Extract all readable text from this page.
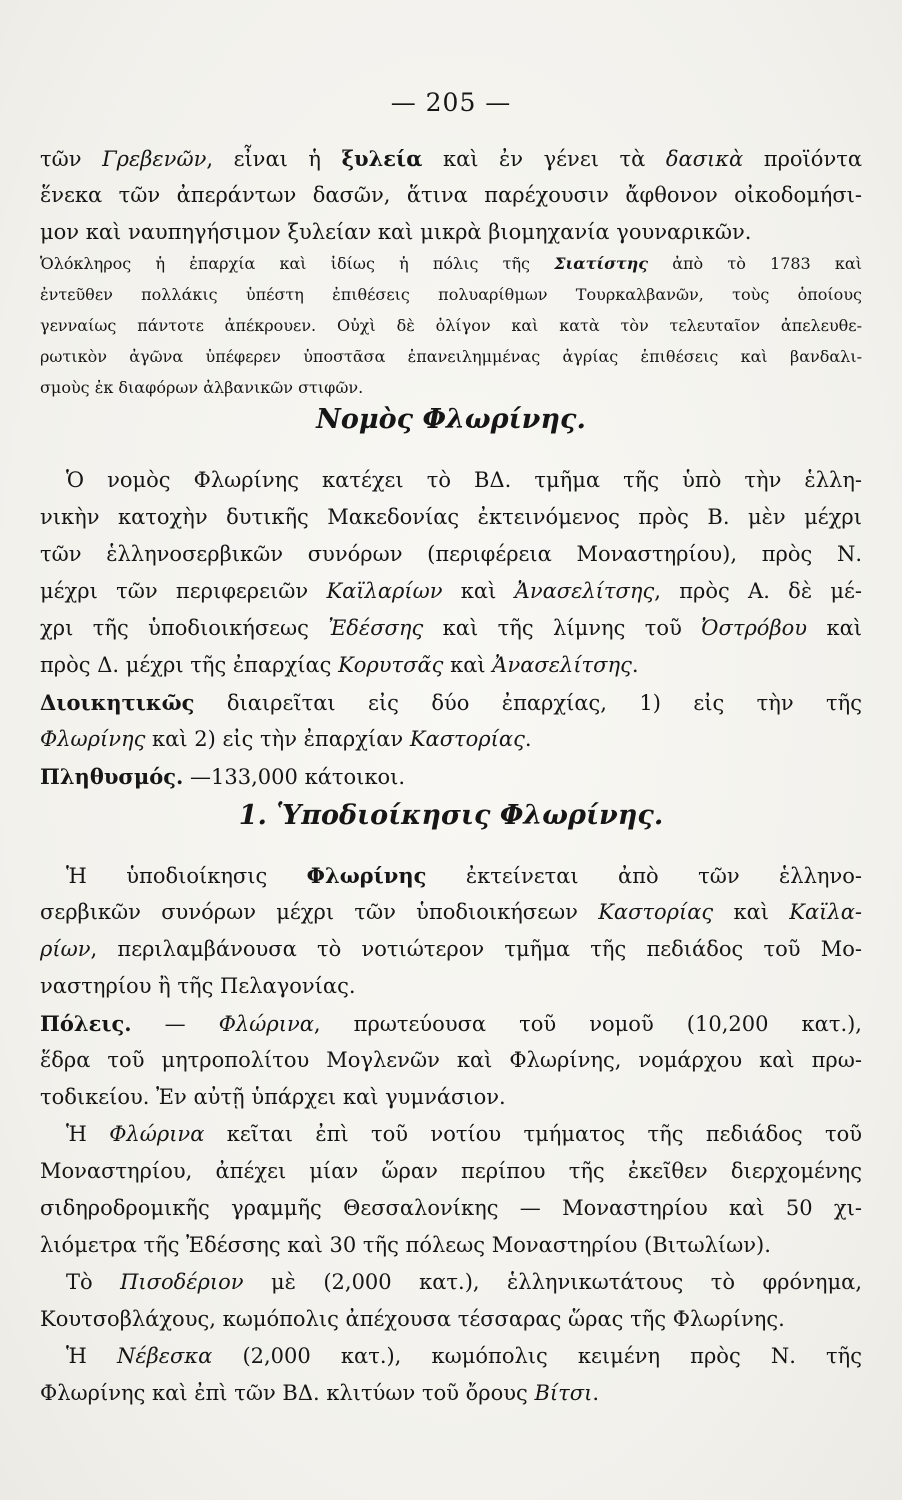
— 205 —
τῶν Γρεβενῶν, εἶναι ἡ ξυλεία καὶ ἐν γένει τὰ δασικὰ προϊόντα
ἕνεκα τῶν ἀπεράντων δασῶν, ἅτινα παρέχουσιν ἄφθονον οἰκοδομήσι-
μον καὶ ναυπηγήσιμον ξυλείαν καὶ μικρὰ βιομηχανία γουναρικῶν.
Ὁλόκληρος ἡ ἐπαρχία καὶ ἰδίως ἡ πόλις τῆς Σιατίστης ἀπὸ τὸ 1783 καὶ
ἐντεῦθεν πολλάκις ὑπέστη ἐπιθέσεις πολυαρίθμων Τουρκαλβανῶν, τοὺς ὁποίους
γενναίως πάντοτε ἀπέκρουεν. Οὐχὶ δὲ ὀλίγον καὶ κατὰ τὸν τελευταῖον ἀπελευθε-
ρωτικὸν ἀγῶνα ὑπέφερεν ὑποστᾶσα ἐπανειλημμένας ἀγρίας ἐπιθέσεις καὶ βανδαλι-
σμοὺς ἐκ διαφόρων ἀλβανικῶν στιφῶν.
Νομὸς Φλωρίνης.
Ὁ νομὸς Φλωρίνης κατέχει τὸ ΒΔ. τμῆμα τῆς ὑπὸ τὴν ἑλλη-
νικὴν κατοχὴν δυτικῆς Μακεδονίας ἐκτεινόμενος πρὸς Β. μὲν μέχρι
τῶν ἑλληνοσερβικῶν συνόρων (περιφέρεια Μοναστηρίου), πρὸς Ν.
μέχρι τῶν περιφερειῶν Καϊλαρίων καὶ Ἀνασελίτσης, πρὸς Α. δὲ μέ-
χρι τῆς ὑποδιοικήσεως Ἐδέσσης καὶ τῆς λίμνης τοῦ Ὀστρόβου καὶ
πρὸς Δ. μέχρι τῆς ἐπαρχίας Κορυτσᾶς καὶ Ἀνασελίτσης.
Διοικητικῶς διαιρεῖται εἰς δύο ἐπαρχίας, 1) εἰς τὴν τῆς
Φλωρίνης καὶ 2) εἰς τὴν ἐπαρχίαν Καστορίας.
Πληθυσμός. —133,000 κάτοικοι.
1. Ὑποδιοίκησις Φλωρίνης.
Ἡ ὑποδιοίκησις Φλωρίνης ἐκτείνεται ἀπὸ τῶν ἑλληνο-
σερβικῶν συνόρων μέχρι τῶν ὑποδιοικήσεων Καστορίας καὶ Καϊλα-
ρίων, περιλαμβάνουσα τὸ νοτιώτερον τμῆμα τῆς πεδιάδος τοῦ Μο-
ναστηρίου ἢ τῆς Πελαγονίας.
Πόλεις. — Φλώρινα, πρωτεύουσα τοῦ νομοῦ (10,200 κατ.),
ἕδρα τοῦ μητροπολίτου Μογλενῶν καὶ Φλωρίνης, νομάρχου καὶ πρω-
τοδικείου. Ἐν αὐτῇ ὑπάρχει καὶ γυμνάσιον.
Ἡ Φλώρινα κεῖται ἐπὶ τοῦ νοτίου τμήματος τῆς πεδιάδος τοῦ
Μοναστηρίου, ἀπέχει μίαν ὥραν περίπου τῆς ἐκεῖθεν διερχομένης
σιδηροδρομικῆς γραμμῆς Θεσσαλονίκης — Μοναστηρίου καὶ 50 χι-
λιόμετρα τῆς Ἐδέσσης καὶ 30 τῆς πόλεως Μοναστηρίου (Βιτωλίων).
Τὸ Πισοδέριον μὲ (2,000 κατ.), ἑλληνικωτάτους τὸ φρόνημα,
Κουτσοβλάχους, κωμόπολις ἀπέχουσα τέσσαρας ὥρας τῆς Φλωρίνης.
Ἡ Νέβεσκα (2,000 κατ.), κωμόπολις κειμένη πρὸς Ν. τῆς
Φλωρίνης καὶ ἐπὶ τῶν ΒΔ. κλιτύων τοῦ ὄρους Βίτσι.
